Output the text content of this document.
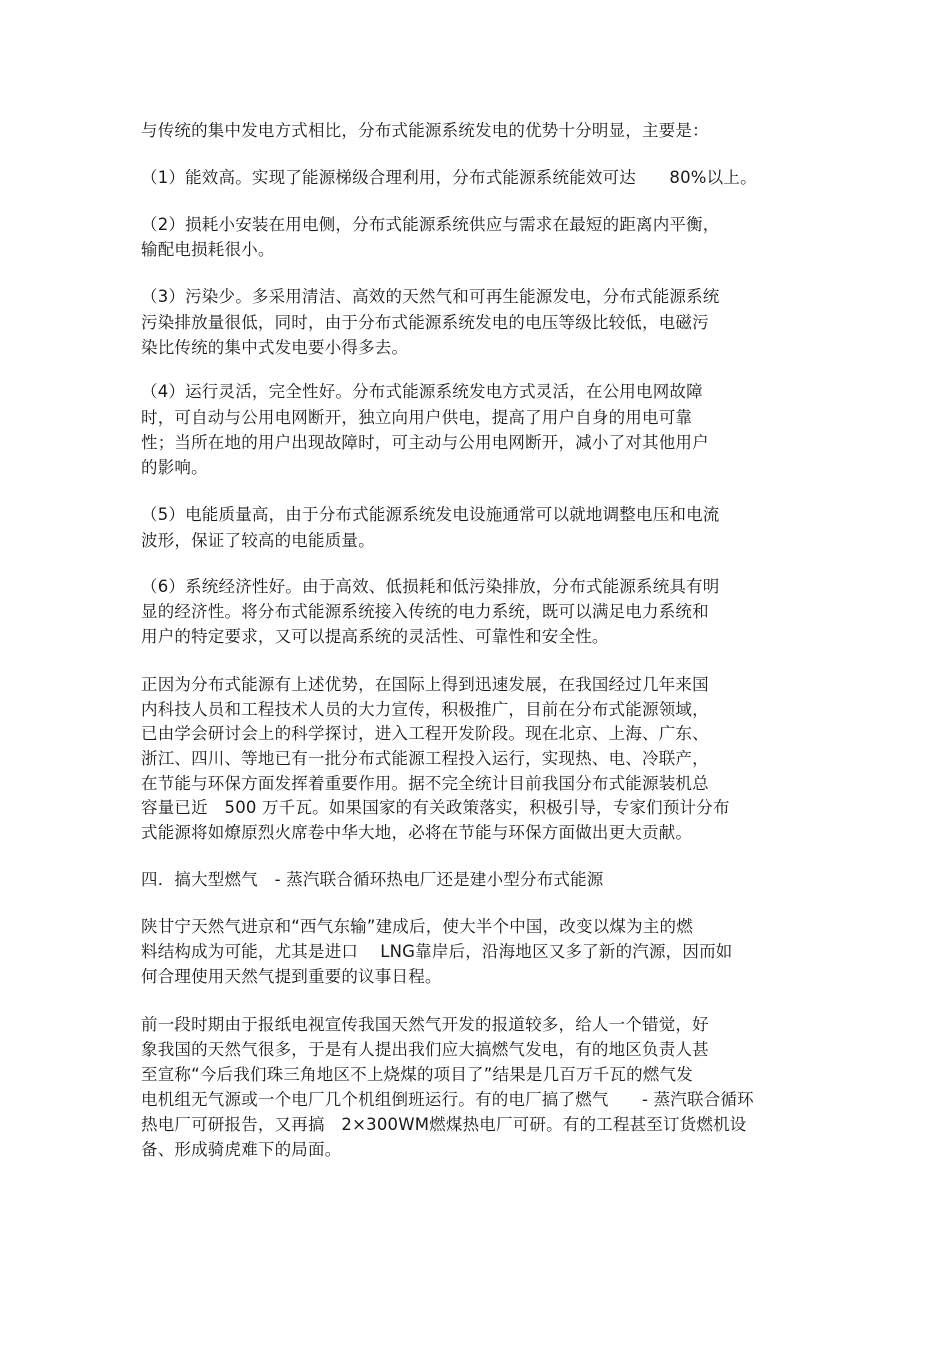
与传统的集中发电方式相比，分布式能源系统发电的优势十分明显，主要是：
（1）能效高。实现了能源梯级合理利用，分布式能源系统能效可达　　80%以上。
（2）损耗小安装在用电侧，分布式能源系统供应与需求在最短的距离内平衡，
输配电损耗很小。
（3）污染少。多采用清洁、高效的天然气和可再生能源发电，分布式能源系统
污染排放量很低，同时，由于分布式能源系统发电的电压等级比较低，电磁污
染比传统的集中式发电要小得多去。
（4）运行灵活，完全性好。分布式能源系统发电方式灵活，在公用电网故障
时，可自动与公用电网断开，独立向用户供电，提高了用户自身的用电可靠
性；当所在地的用户出现故障时，可主动与公用电网断开，减小了对其他用户
的影响。
（5）电能质量高，由于分布式能源系统发电设施通常可以就地调整电压和电流
波形，保证了较高的电能质量。
（6）系统经济性好。由于高效、低损耗和低污染排放，分布式能源系统具有明
显的经济性。将分布式能源系统接入传统的电力系统，既可以满足电力系统和
用户的特定要求，又可以提高系统的灵活性、可靠性和安全性。
正因为分布式能源有上述优势，在国际上得到迅速发展，在我国经过几年来国
内科技人员和工程技术人员的大力宣传，积极推广，目前在分布式能源领域，
已由学会研讨会上的科学探讨，进入工程开发阶段。现在北京、上海、广东、
浙江、四川、等地已有一批分布式能源工程投入运行，实现热、电、冷联产，
在节能与环保方面发挥着重要作用。据不完全统计目前我国分布式能源装机总
容量已近　500 万千瓦。如果国家的有关政策落实，积极引导，专家们预计分布
式能源将如燎原烈火席卷中华大地，必将在节能与环保方面做出更大贡献。
四．搞大型燃气　- 蒸汽联合循环热电厂还是建小型分布式能源
陕甘宁天然气进京和“西气东输”建成后，使大半个中国，改变以煤为主的燃
料结构成为可能，尤其是进口　 LNG靠岸后，沿海地区又多了新的汽源，因而如
何合理使用天然气提到重要的议事日程。
前一段时期由于报纸电视宣传我国天然气开发的报道较多，给人一个错觉，好
象我国的天然气很多，于是有人提出我们应大搞燃气发电，有的地区负责人甚
至宣称“今后我们珠三角地区不上烧煤的项目了”结果是几百万千瓦的燃气发
电机组无气源或一个电厂几个机组倒班运行。有的电厂搞了燃气　　- 蒸汽联合循环
热电厂可研报告，又再搞　2×300WM燃煤热电厂可研。有的工程甚至订货燃机设
备、形成骑虎难下的局面。
